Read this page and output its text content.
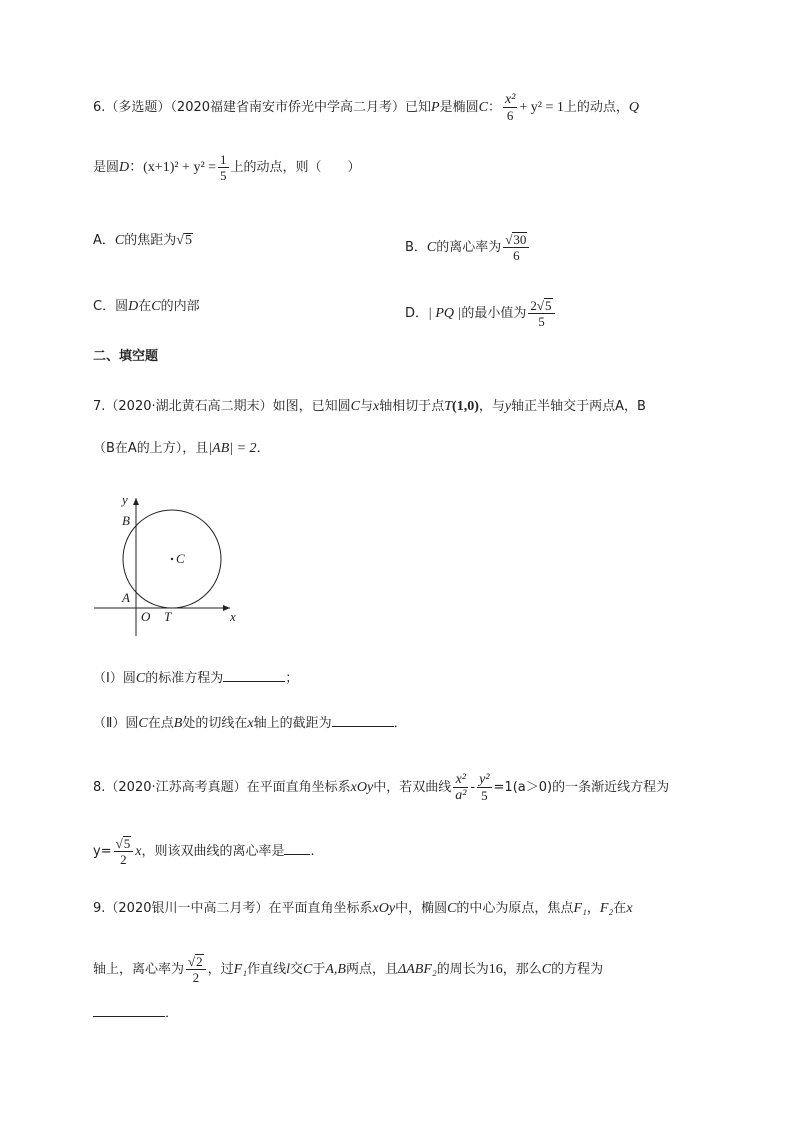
6.（多选题）（2020福建省南安市侨光中学高二月考）已知P是椭圆C： $\frac{\text{x²}}{6} + y^2 = 1$上的动点，Q
是圆D：$(x+1)^2 + y^2 = \frac{1}{5}$ 上的动点，则（　　）
A．C的焦距为√5	B．C的离心率为 $\frac{√30}{6}$
C．圆D在C的内部	D．| PQ |的最小值为 $\frac{2√5}{5}$
二、填空题
7.（2020·湖北黄石高二期末）如图，已知圆C与x轴相切于点T(1,0)，与y轴正半轴交于两点A，B
（B在A的上方），且|AB| = 2．
y
x
B
A
C
O T
（Ⅰ）圆C的标准方程为	；
（Ⅱ）圆C在点B处的切线在x轴上的截距为	．
8.（2020·江苏高考真题）在平面直角坐标系xOy中，若双曲线 $\frac{\text{x²}}{\text{a²}} - \frac{\text{y²}}{5} =1(a>0)$的一条渐近线方程为
$y= \frac{√5}{2}$ x，则该双曲线的离心率是 .
9.（2020银川一中高二月考）在平面直角坐标系xOy中，椭圆C的中心为原点，焦点F₁，F₂在x
轴上，离心率为 $\frac{√2}{2}$ ，过F₁作直线l交C于A,B两点，且ΔABF₂的周长为16，那么C的方程为
．
